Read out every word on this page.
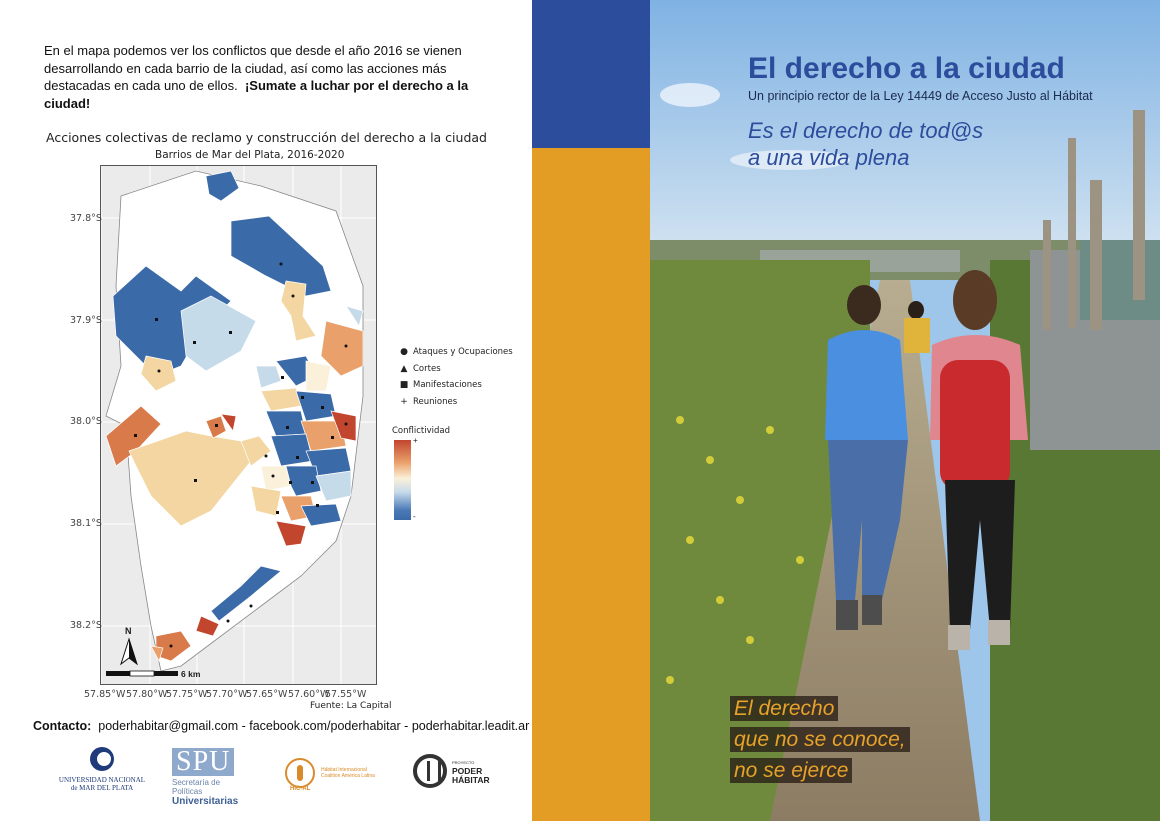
En el mapa podemos ver los conflictos que desde el año 2016 se vienen desarrollando en cada barrio de la ciudad, así como las acciones más destacadas en cada uno de ellos. ¡Sumate a luchar por el derecho a la ciudad!

Acciones colectivas de reclamo y construcción del derecho a la ciudad
Barrios de Mar del Plata, 2016-2020
N
6 km
37.8°S
37.9°S
38.0°S
38.1°S
38.2°S
57.85°W 57.80°W
57.75°W
57.70°W
57.65°W 57.60°W
57.55°W
● Ataques y Ocupaciones
▲ Cortes
■ Manifestaciones
+ Reuniones
Conflictividad
+
-
Fuente: La Capital
Contacto: poderhabitar@gmail.com - facebook.com/poderhabitar - poderhabitar.leadit.ar
UNIVERSIDAD NACIONAL de MAR DEL PLATA
SPU
Secretaría de Políticas
Universitarias
Hábitat Internacional Coalition América Latina
HIC-AL
PROYECTO
PODER
HÁBITAR
El derecho a la ciudad
Un principio rector de la Ley 14449 de Acceso Justo al Hábitat
Es el derecho de tod@s
a una vida plena
El derecho
que no se conoce,
no se ejerce
